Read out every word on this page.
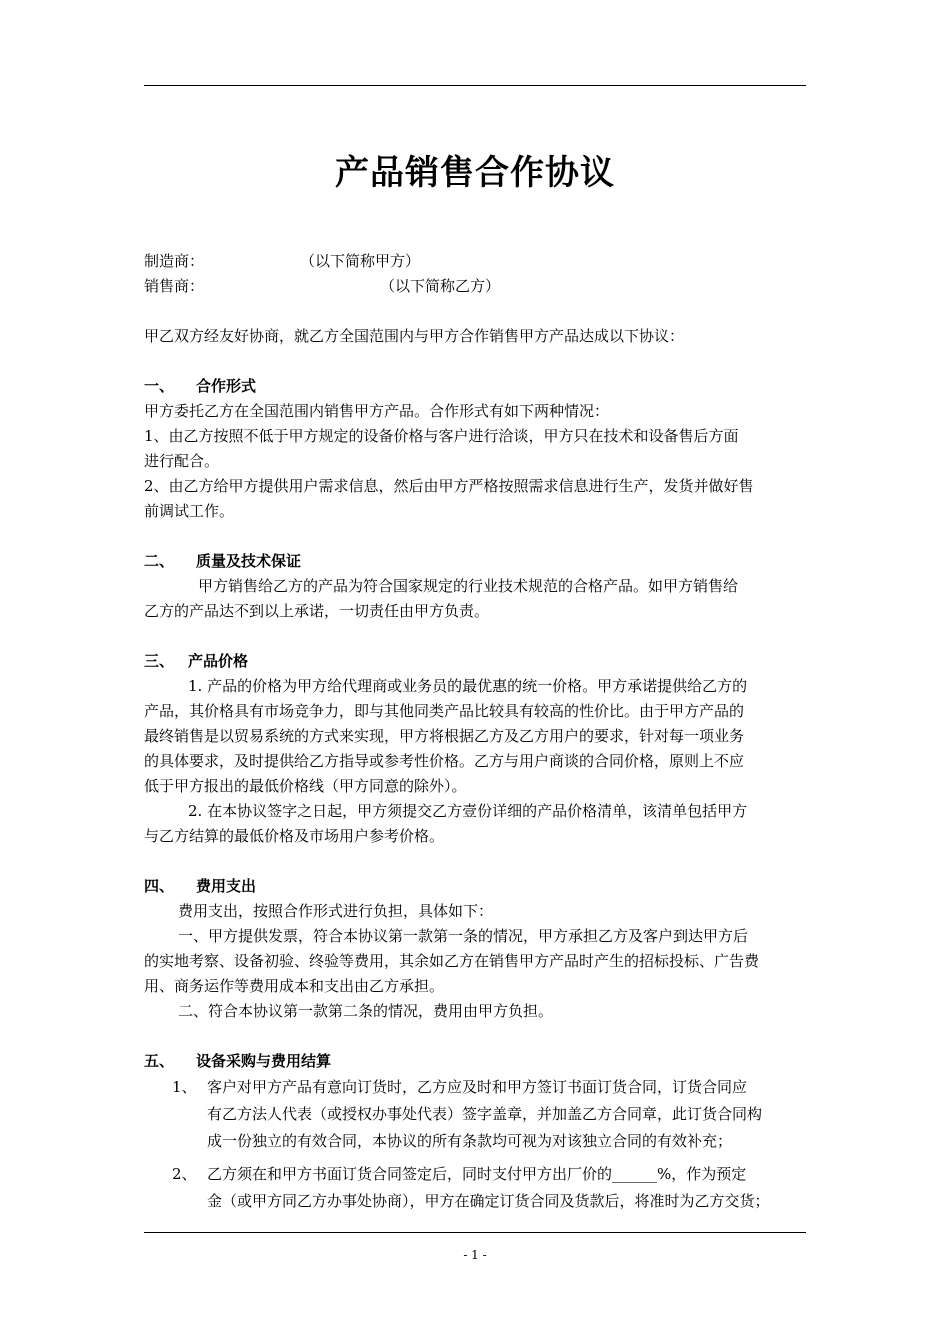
产品销售合作协议

制造商：	（以下简称甲方）

销售商：	（以下简称乙方）

甲乙双方经友好协商，就乙方全国范围内与甲方合作销售甲方产品达成以下协议：

一、 合作形式

甲方委托乙方在全国范围内销售甲方产品。合作形式有如下两种情况：

1、由乙方按照不低于甲方规定的设备价格与客户进行洽谈，甲方只在技术和设备售后方面

进行配合。

2、由乙方给甲方提供用户需求信息，然后由甲方严格按照需求信息进行生产，发货并做好售

前调试工作。

二、 质量及技术保证

甲方销售给乙方的产品为符合国家规定的行业技术规范的合格产品。如甲方销售给

乙方的产品达不到以上承诺，一切责任由甲方负责。

三、 产品价格

1. 产品的价格为甲方给代理商或业务员的最优惠的统一价格。甲方承诺提供给乙方的

产品，其价格具有市场竞争力，即与其他同类产品比较具有较高的性价比。由于甲方产品的

最终销售是以贸易系统的方式来实现，甲方将根据乙方及乙方用户的要求，针对每一项业务

的具体要求，及时提供给乙方指导或参考性价格。乙方与用户商谈的合同价格，原则上不应

低于甲方报出的最低价格线（甲方同意的除外）。

2. 在本协议签字之日起，甲方须提交乙方壹份详细的产品价格清单，该清单包括甲方

与乙方结算的最低价格及市场用户参考价格。

四、 费用支出

费用支出，按照合作形式进行负担，具体如下：

一、甲方提供发票，符合本协议第一款第一条的情况，甲方承担乙方及客户到达甲方后

的实地考察、设备初验、终验等费用，其余如乙方在销售甲方产品时产生的招标投标、广告费

用、商务运作等费用成本和支出由乙方承担。

二、符合本协议第一款第二条的情况，费用由甲方负担。

五、 设备采购与费用结算

1、 客户对甲方产品有意向订货时，乙方应及时和甲方签订书面订货合同，订货合同应

有乙方法人代表（或授权办事处代表）签字盖章，并加盖乙方合同章，此订货合同构

成一份独立的有效合同，本协议的所有条款均可视为对该独立合同的有效补充；

2、 乙方须在和甲方书面订货合同签定后，同时支付甲方出厂价的______%，作为预定

金（或甲方同乙方办事处协商），甲方在确定订货合同及货款后，将准时为乙方交货；

- 1 -
